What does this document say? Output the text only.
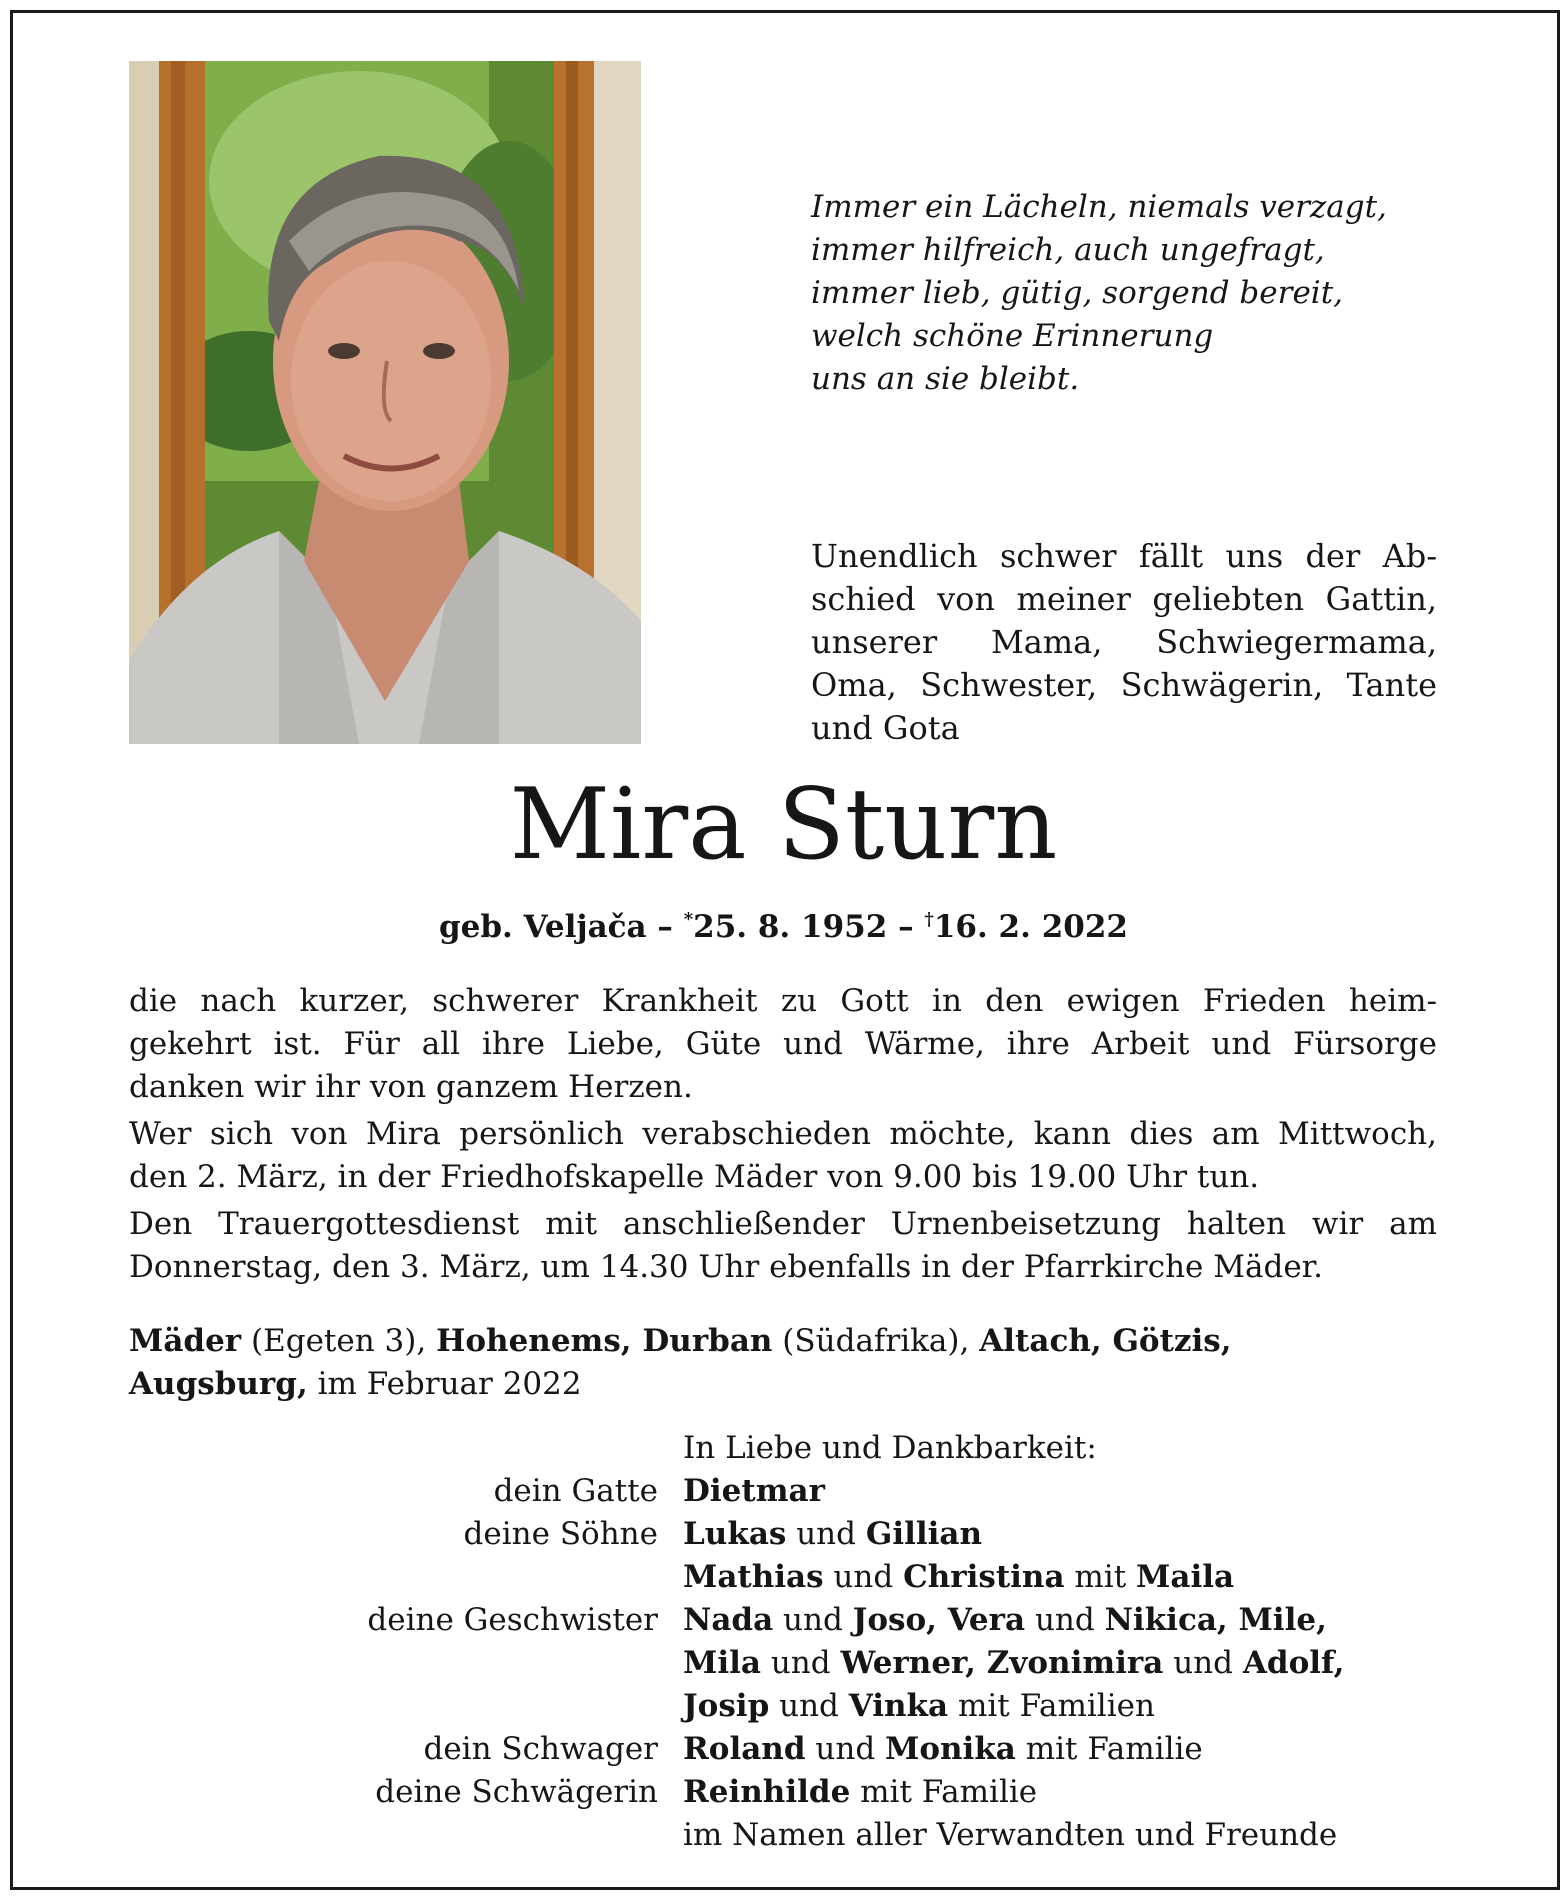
Immer ein Lächeln, niemals verzagt,
immer hilfreich, auch ungefragt,
immer lieb, gütig, sorgend bereit,
welch schöne Erinnerung
uns an sie bleibt.
Unendlich schwer fällt uns der Abschied von meiner geliebten Gattin, unserer Mama, Schwiegermama, Oma, Schwester, Schwägerin, Tante und Gota
Mira Sturn
geb. Veljača – *25. 8. 1952 – †16. 2. 2022
die nach kurzer, schwerer Krankheit zu Gott in den ewigen Frieden heim-
gekehrt ist. Für all ihre Liebe, Güte und Wärme, ihre Arbeit und Fürsorge
danken wir ihr von ganzem Herzen.
Wer sich von Mira persönlich verabschieden möchte, kann dies am Mittwoch,
den 2. März, in der Friedhofskapelle Mäder von 9.00 bis 19.00 Uhr tun.
Den Trauergottesdienst mit anschließender Urnenbeisetzung halten wir am
Donnerstag, den 3. März, um 14.30 Uhr ebenfalls in der Pfarrkirche Mäder.
Mäder (Egeten 3), Hohenems, Durban (Südafrika), Altach, Götzis,
Augsburg, im Februar 2022
In Liebe und Dankbarkeit:
dein Gatte Dietmar
deine Söhne Lukas und Gillian
Mathias und Christina mit Maila
deine Geschwister Nada und Joso, Vera und Nikica, Mile,
Mila und Werner, Zvonimira und Adolf,
Josip und Vinka mit Familien
dein Schwager Roland und Monika mit Familie
deine Schwägerin Reinhilde mit Familie
im Namen aller Verwandten und Freunde
